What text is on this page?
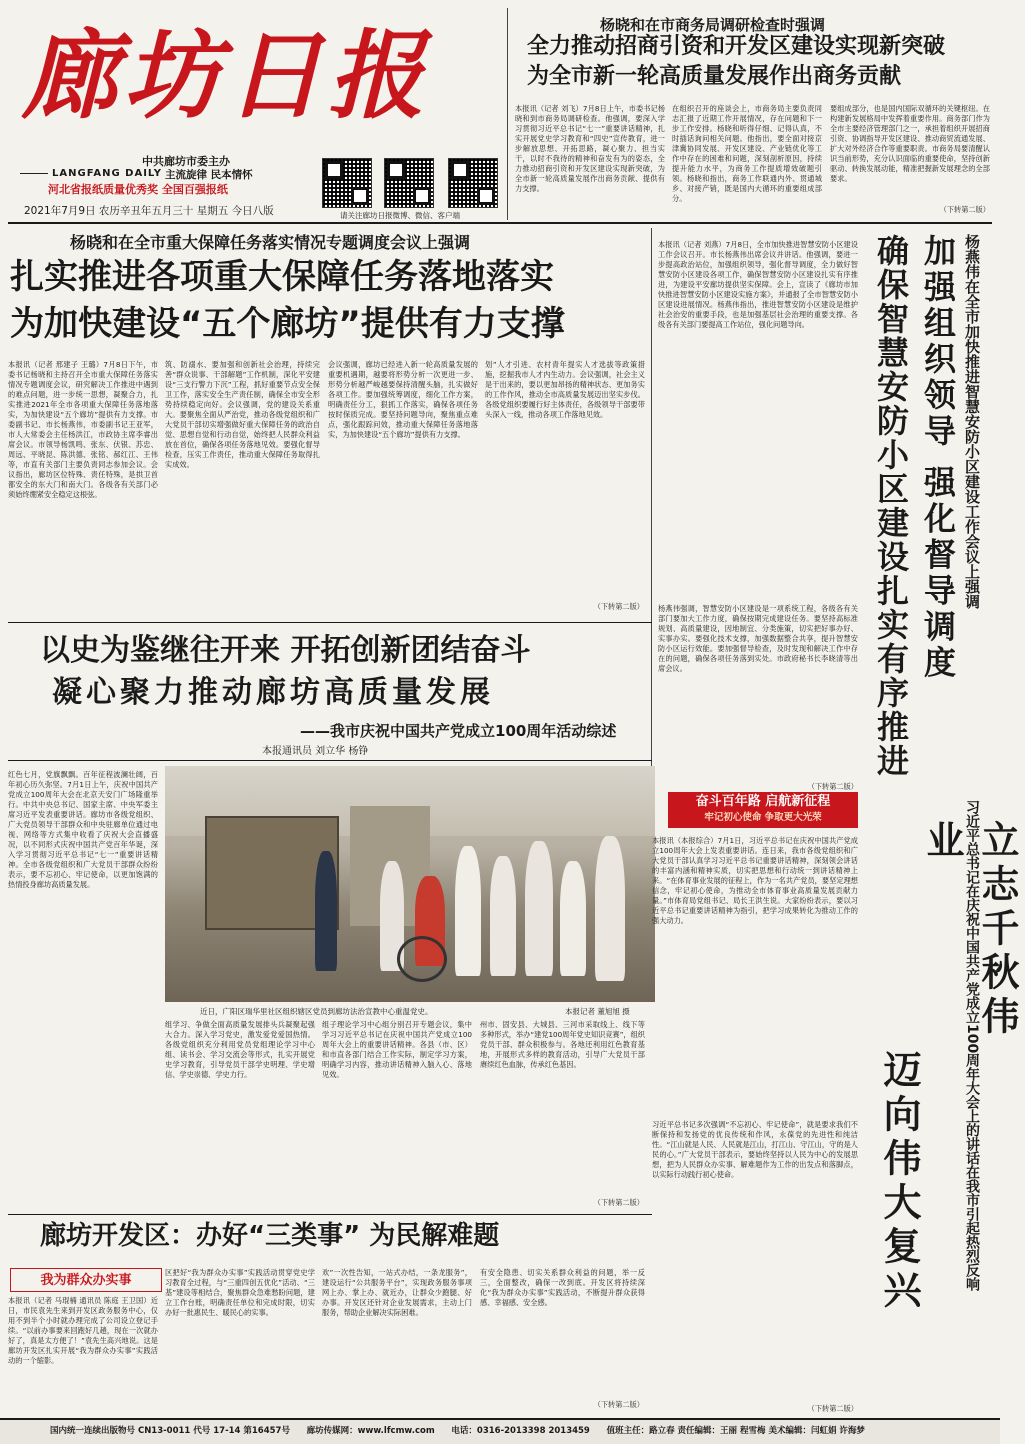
廊坊日报
中共廊坊市委主办
LANGFANG DAILY 主流旋律 民本情怀
河北省报纸质量优秀奖 全国百强报纸
2021年7月9日 农历辛丑年五月三十 星期五 今日八版	请关注廊坊日报微博、微信、客户端
杨晓和在市商务局调研检查时强调
全力推动招商引资和开发区建设实现新突破
为全市新一轮高质量发展作出商务贡献
本报讯（记者 刘飞）7月8日上午，市委书记杨晓和到市商务局调研检查。他强调，要深入学习贯彻习近平总书记“七一”重要讲话精神，扎实开展党史学习教育和“四史”宣传教育，进一步解放思想、开拓思路，凝心聚力、担当实干，以时不我待的精神和奋发有为的姿态，全力推动招商引资和开发区建设实现新突破，为全市新一轮高质量发展作出商务贡献、提供有力支撑。
在组织召开的座谈会上，市商务局主要负责同志汇报了近期工作开展情况，存在问题和下一步工作安排。杨晓和听得仔细、记得认真，不时插话询问相关问题。他指出，要全面对接京津冀协同发展、开发区建设、产业链优化等工作中存在的困难和问题，深刻剖析原因，持续提升能力水平，为商务工作提质增效破题引领。杨晓和指出，商务工作联通内外、贯通城乡、对接产销，既是国内大循环的重要组成部分。
要组成部分，也是国内国际双循环的关键枢纽。在构建新发展格局中发挥着重要作用。商务部门作为全市主要经济管理部门之一，承担着组织开展招商引资、协调指导开发区建设、推动商贸流通发展、扩大对外经济合作等重要职责。市商务局要清醒认识当前形势，充分认识面临的重要使命，坚持创新驱动、转换发展动能，精准把握新发展理念的全部要求。
（下转第二版）
杨晓和在全市重大保障任务落实情况专题调度会议上强调
扎实推进各项重大保障任务落地落实
为加快建设“五个廊坊”提供有力支撑
本报讯（记者 邢建子 王璐）7月8日下午，市委书记杨晓和主持召开全市重大保障任务落实情况专题调度会议，研究解决工作推进中遇到的难点问题，进一步统一思想，凝聚合力，扎实推进2021年全市各项重大保障任务落地落实，为加快建设“五个廊坊”提供有力支撑。市委副书记、市长杨燕伟，市委副书记王亚军，市人大常委会主任杨洪江，市政协主席李睿出席会议。市领导杨凯鸣、张东、伏银、苏忠、周远、平晓昆、陈洪德、张铭、郝红江、王伟等，市直有关部门主要负责同志参加会议。会议指出，廊坊区位特殊、责任特殊，是拱卫首都安全的东大门和南大门。各级各有关部门必须始终绷紧安全稳定这根弦。
筑、防溺水、要加强和创新社会治理，持续完善“群众说事、干部解题”工作机制，深化平安建设“三支行警力下沉”工程，抓好重要节点安全保卫工作，落实安全生产责任制，确保全市安全形势持续稳定向好。会议强调，党的建设关系重大。要聚焦全面从严治党，推动各级党组织和广大党员干部切实增强做好重大保障任务的政治自觉、思想自觉和行动自觉，始终把人民群众利益放在首位，确保各项任务落地见效。要强化督导检查，压实工作责任，推动重大保障任务取得扎实成效。
会议强调，廊坊已经进入新一轮高质量发展的重要机遇期，越要将形势分析一次更进一步、形势分析越严峻越要保持清醒头脑，扎实做好各项工作。要加强统筹调度，细化工作方案，明确责任分工，狠抓工作落实，确保各项任务按时保质完成。要坚持问题导向，聚焦重点难点，强化跟踪问效，推动重大保障任务落地落实，为加快建设“五个廊坊”提供有力支撑。
划”人才引进、农村青年提实人才选拔等政策措施，挖掘我市人才内生动力。会议强调，社会主义是干出来的，要以更加昂扬的精神状态、更加务实的工作作风，推动全市高质量发展迈出坚实步伐。各级党组织要履行好主体责任，各级领导干部要带头深入一线，推动各项工作落地见效。
（下转第二版）
本报讯（记者 刘燕）7月8日，全市加快推进智慧安防小区建设工作会议召开。市长杨燕伟出席会议并讲话。他强调，要进一步提高政治站位，加强组织领导，强化督导调度，全力做好智慧安防小区建设各项工作，确保智慧安防小区建设扎实有序推进，为建设平安廊坊提供坚实保障。会上，宣读了《廊坊市加快推进智慧安防小区建设实施方案》，并通报了全市智慧安防小区建设进展情况。杨燕伟指出，推进智慧安防小区建设是维护社会治安的重要手段，也是加强基层社会治理的重要支撑。各级各有关部门要提高工作站位，强化问题导向。
杨燕伟强调，智慧安防小区建设是一项系统工程，各级各有关部门要加大工作力度，确保按期完成建设任务。要坚持高标准规划、高质量建设，因地制宜、分类施策，切实把好事办好、实事办实。要强化技术支撑，加强数据整合共享，提升智慧安防小区运行效能。要加强督导检查，及时发现和解决工作中存在的问题，确保各项任务落到实处。市政府秘书长李晓清等出席会议。
（下转第二版）
确保智慧安防小区建设扎实有序推进 加强组织领导 强化督导调度 杨燕伟在全市加快推进智慧安防小区建设工作会议上强调
以史为鉴继往开来 开拓创新团结奋斗
凝心聚力推动廊坊高质量发展
——我市庆祝中国共产党成立100周年活动综述
本报通讯员 刘立华 杨铮
红色七月，党旗飘飘。百年征程波澜壮阔，百年初心历久弥坚。7月1日上午，庆祝中国共产党成立100周年大会在北京天安门广场隆重举行。中共中央总书记、国家主席、中央军委主席习近平发表重要讲话。廊坊市各级党组织、广大党员领导干部群众和中央驻廊单位通过电视、网络等方式集中收看了庆祝大会直播盛况，以不同形式庆祝中国共产党百年华诞，深入学习贯彻习近平总书记“七一”重要讲话精神。全市各级党组织和广大党员干部群众纷纷表示，要不忘初心、牢记使命，以更加饱满的热情投身廊坊高质量发展。
近日，广阳区瑞华里社区组织辖区党员到廊坊法治宣教中心重温党史。	本报记者 董旭旭 摄
组学习、争做全面高质量发展排头兵凝聚起强大合力。深入学习党史，激发爱党爱国热情。各级党组织充分利用党员党组理论学习中心组、读书会、学习交流会等形式，扎实开展党史学习教育，引导党员干部学史明理、学史增信、学史崇德、学史力行。
组子理论学习中心组分别召开专题会议，集中学习习近平总书记在庆祝中国共产党成立100周年大会上的重要讲话精神。各县（市、区）和市直各部门结合工作实际，制定学习方案，明确学习内容，推动讲话精神入脑入心、落地见效。
州市、固安县、大城县、三河市采取线上、线下等多种形式，举办“建党100周年党史知识竞赛”，组织党员干部、群众积极参与。各地还利用红色教育基地，开展形式多样的教育活动，引导广大党员干部赓续红色血脉，传承红色基因。
（下转第二版）
奋斗百年路 启航新征程
牢记初心使命 争取更大光荣
本报讯（本报综合）7月1日，习近平总书记在庆祝中国共产党成立100周年大会上发表重要讲话。连日来，我市各级党组织和广大党员干部认真学习习近平总书记重要讲话精神，深刻领会讲话的丰富内涵和精神实质，切实把思想和行动统一到讲话精神上来。“在体育事业发展的征程上，作为一名共产党员，要坚定理想信念，牢记初心使命，为推动全市体育事业高质量发展贡献力量。”市体育局党组书记、局长王洪生说。大家纷纷表示，要以习近平总书记重要讲话精神为指引，把学习成果转化为推动工作的强大动力。
习近平总书记多次强调“不忘初心、牢记使命”，就是要求我们不断保持和发扬党的优良传统和作风，永葆党的先进性和纯洁性。“江山就是人民、人民就是江山，打江山、守江山，守的是人民的心。”广大党员干部表示，要始终坚持以人民为中心的发展思想，把为人民群众办实事、解难题作为工作的出发点和落脚点，以实际行动践行初心使命。
（下转第二版）
迈向伟大复兴
立志千秋伟业 习近平总书记在庆祝中国共产党成立100周年大会上的讲话在我市引起热烈反响
廊坊开发区：办好“三类事” 为民解难题
我为群众办实事
本报讯（记者 马琨楠 通讯员 陈庭 王卫国）近日，市民袁先生来到开发区政务服务中心，仅用不到半个小时就办理完成了公司设立登记手续。“以前办事要来回跑好几趟，现在一次就办好了，真是太方便了！”袁先生高兴地说。这是廊坊开发区扎实开展“我为群众办实事”实践活动的一个缩影。
区把好“我为群众办实事”实践活动贯穿党史学习教育全过程，与“三重四创五优化”活动、“三基”建设等相结合，聚焦群众急难愁盼问题，建立工作台账，明确责任单位和完成时限，切实办好一批惠民生、暖民心的实事。
欢”一次性告知，一站式办结，一条龙服务”，建设运行“公共服务平台”，实现政务服务事项网上办、掌上办、就近办，让群众少跑腿、好办事。开发区还针对企业发展需求，主动上门服务，帮助企业解决实际困难。
有安全隐患、切实关系群众利益的问题，举一反三，全面整改，确保一改到底。开发区将持续深化“我为群众办实事”实践活动，不断提升群众获得感、幸福感、安全感。
（下转第二版）
国内统一连续出版物号 CN13-0011 代号 17-14 第16457号 廊坊传媒网：www.lfcmw.com 电话：0316-2013398 2013459 值班主任：路立春 责任编辑：王丽 程雪梅 美术编辑：闫虹娟 许海梦
